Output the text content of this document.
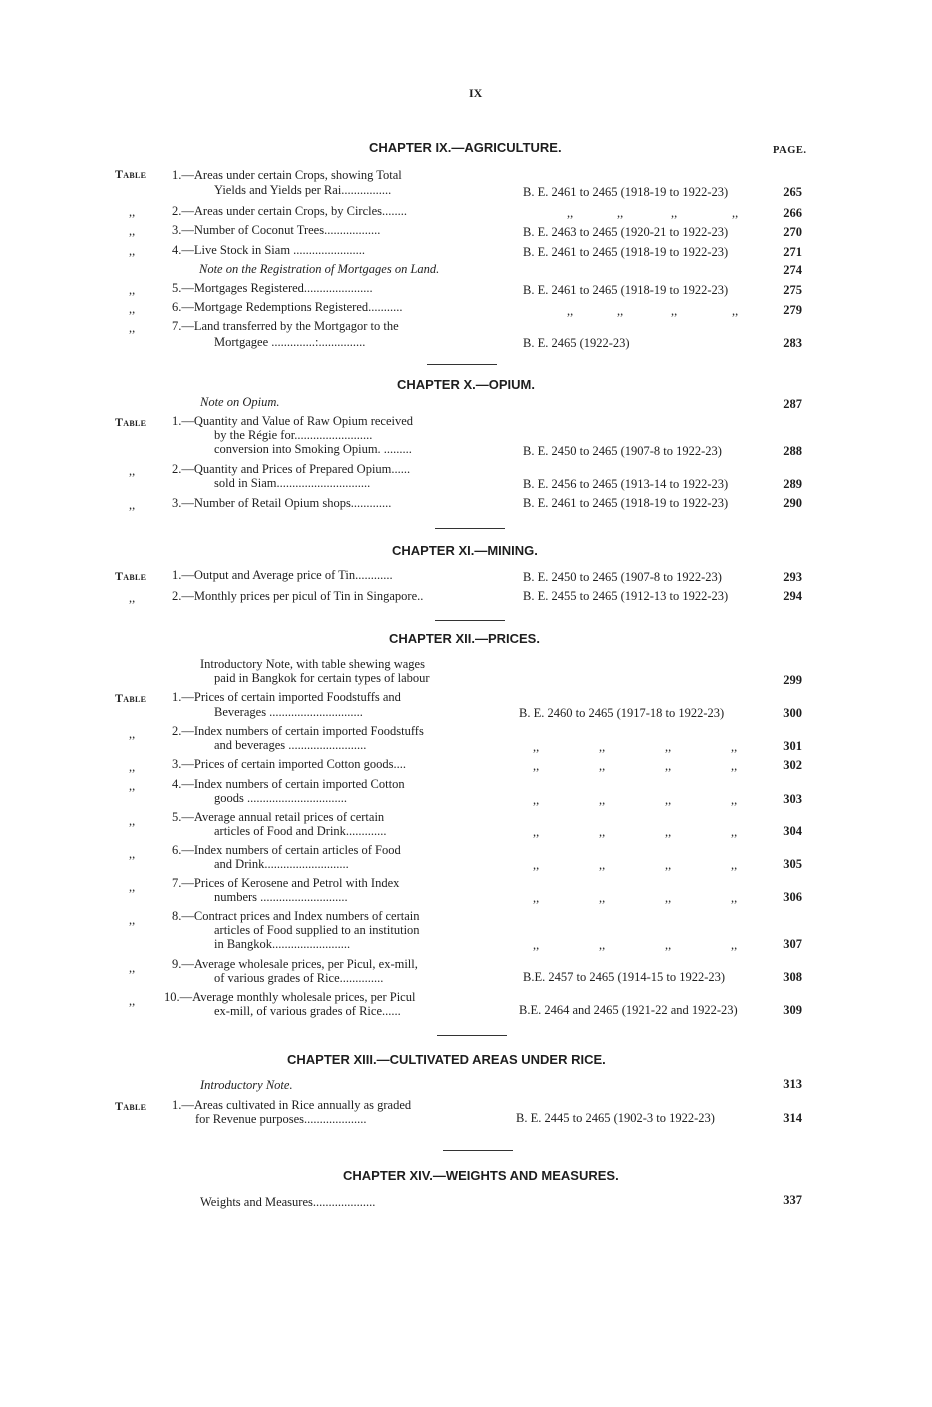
IX
CHAPTER IX.—AGRICULTURE.	PAGE.
Table 1.—Areas under certain Crops, showing Total
Yields and Yields per Rai................	B. E. 2461 to 2465 (1918-19 to 1922-23)	265
,,	2.—Areas under certain Crops, by Circles........	,,	,,	,,	,,	266
,,	3.—Number of Coconut Trees..................	B. E. 2463 to 2465 (1920-21 to 1922-23)	270
,,	4.—Live Stock in Siam .......................	B. E. 2461 to 2465 (1918-19 to 1922-23)	271
Note on the Registration of Mortgages on Land.	274
,,	5.—Mortgages Registered......................	B. E. 2461 to 2465 (1918-19 to 1922-23)	275
,,	6.—Mortgage Redemptions Registered...........	,,	,,	,,	,,	279
,,	7.—Land transferred by the Mortgagor to the
Mortgagee ..............:...............	B. E. 2465 (1922-23)	283
CHAPTER X.—OPIUM.
Note on Opium.	287
Table 1.—Quantity and Value of Raw Opium received
by the Régie for.........................
conversion into Smoking Opium. .........	B. E. 2450 to 2465 (1907-8 to 1922-23)	288
,,	2.—Quantity and Prices of Prepared Opium......
sold in Siam..............................	B. E. 2456 to 2465 (1913-14 to 1922-23)	289
,,	3.—Number of Retail Opium shops.............	B. E. 2461 to 2465 (1918-19 to 1922-23)	290
CHAPTER XI.—MINING.
Table 1.—Output and Average price of Tin............	B. E. 2450 to 2465 (1907-8 to 1922-23)	293
,,	2.—Monthly prices per picul of Tin in Singapore..	B. E. 2455 to 2465 (1912-13 to 1922-23)	294
CHAPTER XII.—PRICES.
Introductory Note, with table shewing wages
paid in Bangkok for certain types of labour	299
Table 1.—Prices of certain imported Foodstuffs and
Beverages ..............................	B. E. 2460 to 2465 (1917-18 to 1922-23)	300
,,	2.—Index numbers of certain imported Foodstuffs
and beverages .........................	,,	,,	,,	,,	301
,,	3.—Prices of certain imported Cotton goods....	,,	,,	,,	,,	302
,,	4.—Index numbers of certain imported Cotton
goods ................................	,,	,,	,,	,,	303
,,	5.—Average annual retail prices of certain
articles of Food and Drink.............	,,	,,	,,	,,	304
,,	6.—Index numbers of certain articles of Food
and Drink...........................	,,	,,	,,	,,	305
,,	7.—Prices of Kerosene and Petrol with Index
numbers ............................	,,	,,	,,	,,	306
,,	8.—Contract prices and Index numbers of certain
articles of Food supplied to an institution
in Bangkok.........................	,,	,,	,,	,,	307
,,	9.—Average wholesale prices, per Picul, ex-mill,
of various grades of Rice..............	B.E. 2457 to 2465 (1914-15 to 1922-23)	308
,, 10.—Average monthly wholesale prices, per Picul
ex-mill, of various grades of Rice......	B.E. 2464 and 2465 (1921-22 and 1922-23)	309
CHAPTER XIII.—CULTIVATED AREAS UNDER RICE.
Introductory Note.	313
Table 1.—Areas cultivated in Rice annually as graded
for Revenue purposes....................	B. E. 2445 to 2465 (1902-3 to 1922-23)	314
CHAPTER XIV.—WEIGHTS AND MEASURES.
Weights and Measures....................	337
